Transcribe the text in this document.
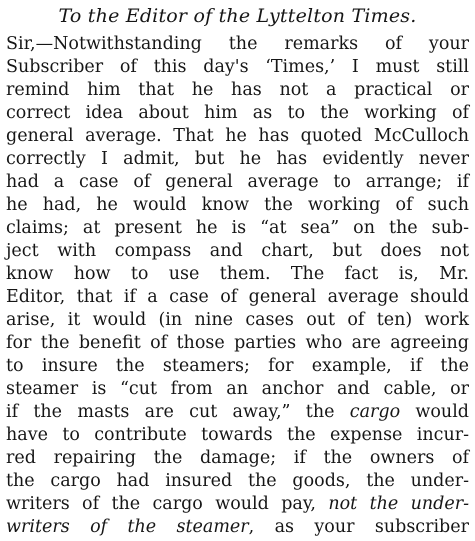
To the Editor of the Lyttelton Times.
Sir,—Notwithstanding the remarks of your
Subscriber of this day's ‘Times,’ I must still
remind him that he has not a practical or
correct idea about him as to the working of
general average. That he has quoted McCulloch
correctly I admit, but he has evidently never
had a case of general average to arrange; if
he had, he would know the working of such
claims; at present he is “at sea” on the sub-
ject with compass and chart, but does not
know how to use them. The fact is, Mr.
Editor, that if a case of general average should
arise, it would (in nine cases out of ten) work
for the benefit of those parties who are agreeing
to insure the steamers; for example, if the
steamer is “cut from an anchor and cable, or
if the masts are cut away,” the cargo would
have to contribute towards the expense incur-
red repairing the damage; if the owners of
the cargo had insured the goods, the under-
writers of the cargo would pay, not the under-
writers of the steamer, as your subscriber
